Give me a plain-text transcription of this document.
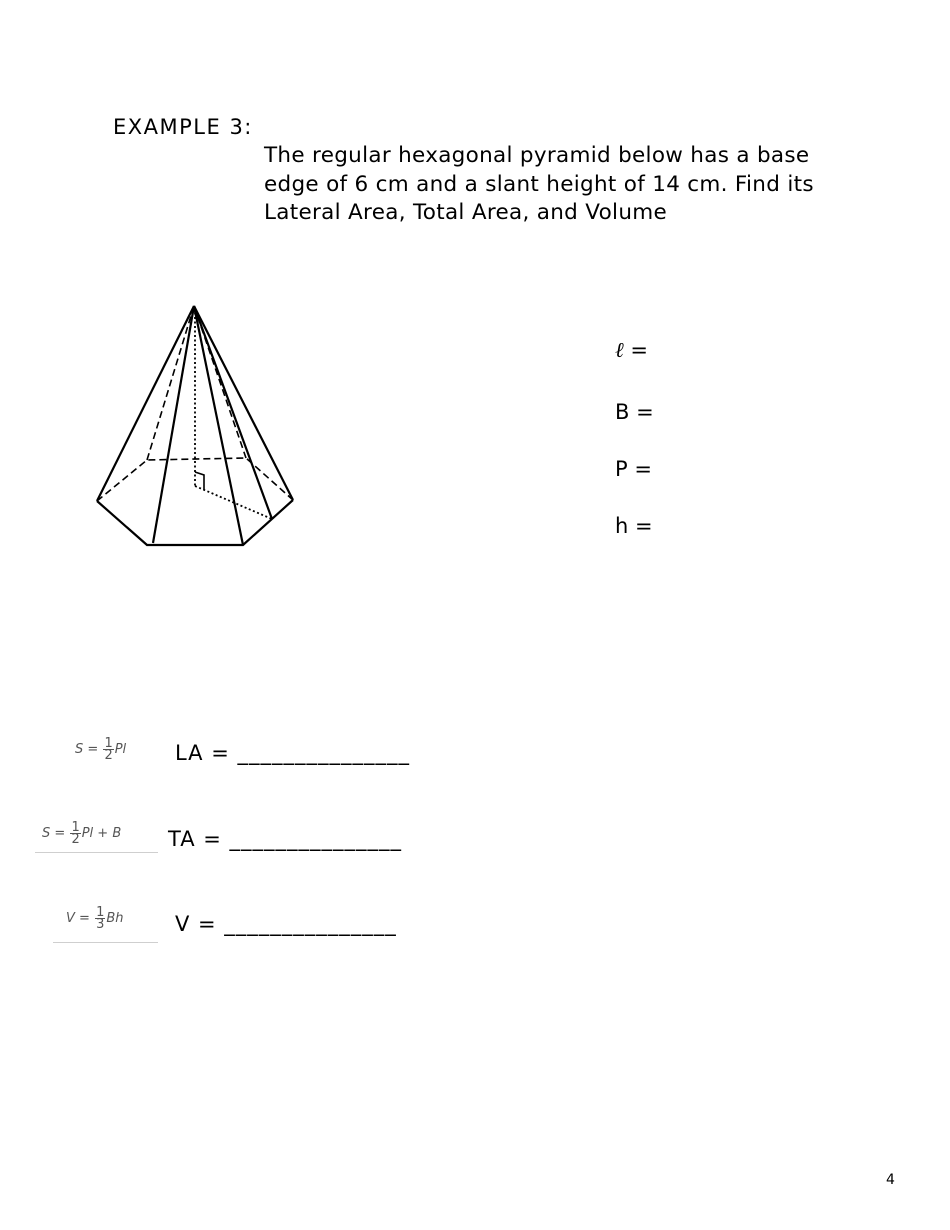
EXAMPLE 3:
The regular hexagonal pyramid below has a base
edge of 6 cm and a slant height of 14 cm. Find its
Lateral Area, Total Area, and Volume
ℓ =
B =
P =
h =
$S = \frac{1}{2}$ Pl LA = _______________
$S = \frac{1}{2}$ Pl + B TA = _______________
$V = \frac{1}{3}$ Bh V = _______________
4
